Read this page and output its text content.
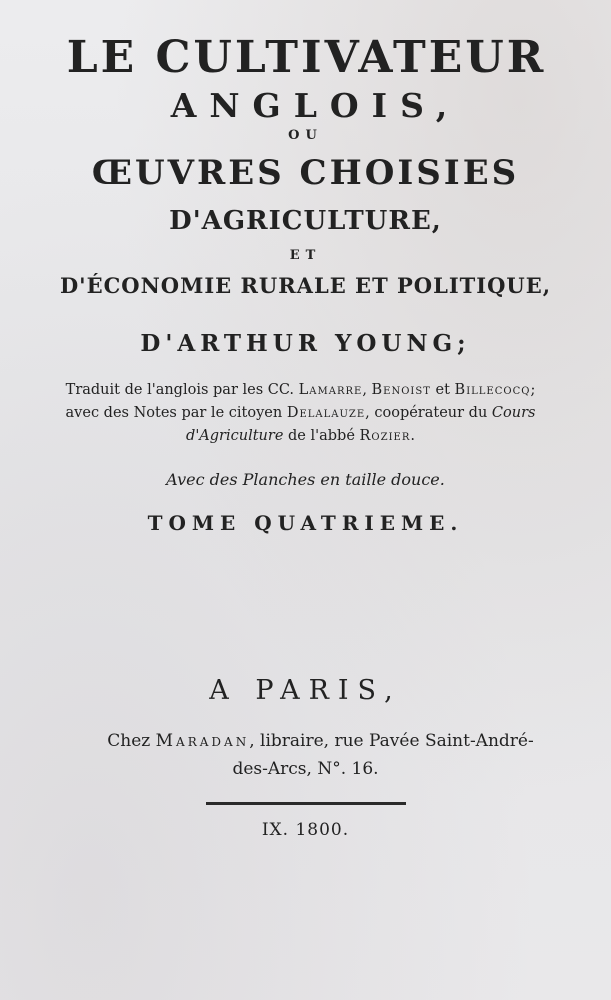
LE CULTIVATEUR

ANGLOIS,

OU

ŒUVRES CHOISIES

D'AGRICULTURE,

ET

D'ÉCONOMIE RURALE ET POLITIQUE,

D'ARTHUR YOUNG;

Traduit de l'anglois par les CC. Lamarre, Benoist et Billecocq;

avec des Notes par le citoyen Delalauze, coopérateur du Cours

d'Agriculture de l'abbé Rozier.

Avec des Planches en taille douce.

TOME QUATRIEME.

A PARIS,

Chez Maradan, libraire, rue Pavée Saint-André-

des-Arcs, N°. 16.

IX. 1800.
